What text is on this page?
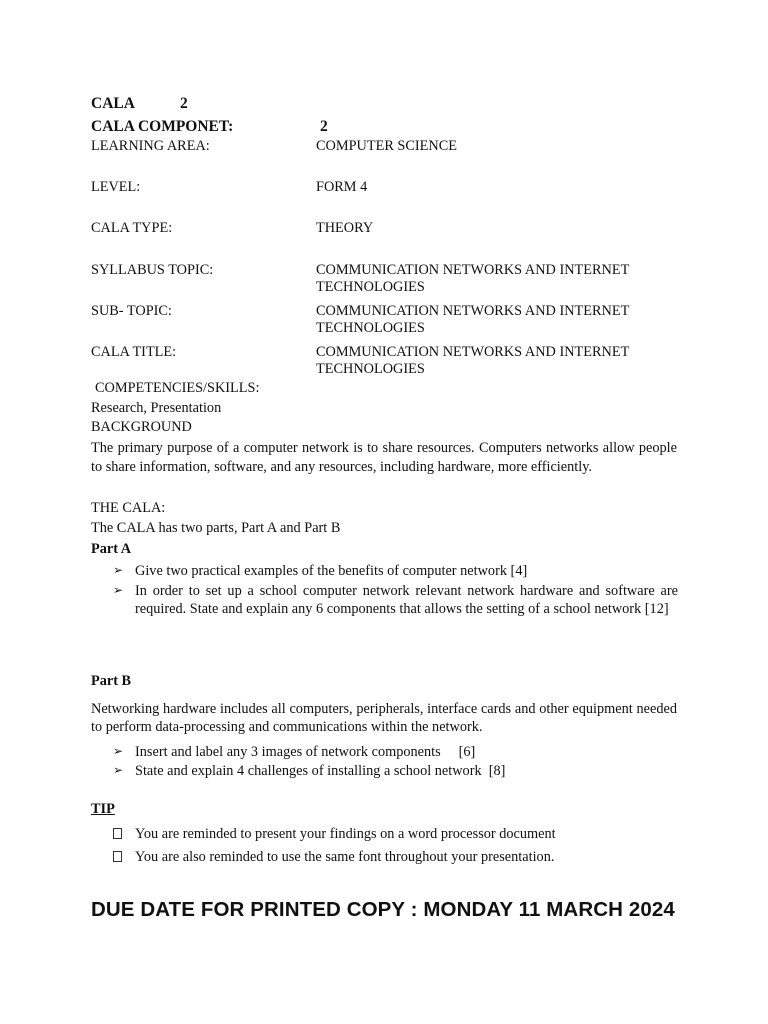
CALA	2
CALA COMPONET:	2
LEARNING AREA:	COMPUTER SCIENCE
LEVEL:	FORM 4
CALA TYPE:	THEORY
SYLLABUS TOPIC:	COMMUNICATION NETWORKS AND INTERNET TECHNOLOGIES
SUB- TOPIC:	COMMUNICATION NETWORKS AND INTERNET TECHNOLOGIES
CALA TITLE:	COMMUNICATION NETWORKS AND INTERNET TECHNOLOGIES
COMPETENCIES/SKILLS:
Research, Presentation
BACKGROUND
The primary purpose of a computer network is to share resources. Computers networks allow people to share information, software, and any resources, including hardware, more efficiently.
THE CALA:
The CALA has two parts, Part A and Part B
Part A
➢ Give two practical examples of the benefits of computer network [4]
➢ In order to set up a school computer network relevant network hardware and software are required. State and explain any 6 components that allows the setting of a school network [12]
Part B
Networking hardware includes all computers, peripherals, interface cards and other equipment needed to perform data-processing and communications within the network.
➢ Insert and label any 3 images of network components     [6]
➢ State and explain 4 challenges of installing a school network  [8]
TIP
You are reminded to present your findings on a word processor document
You are also reminded to use the same font throughout your presentation.
DUE DATE FOR PRINTED COPY : MONDAY 11 MARCH 2024
